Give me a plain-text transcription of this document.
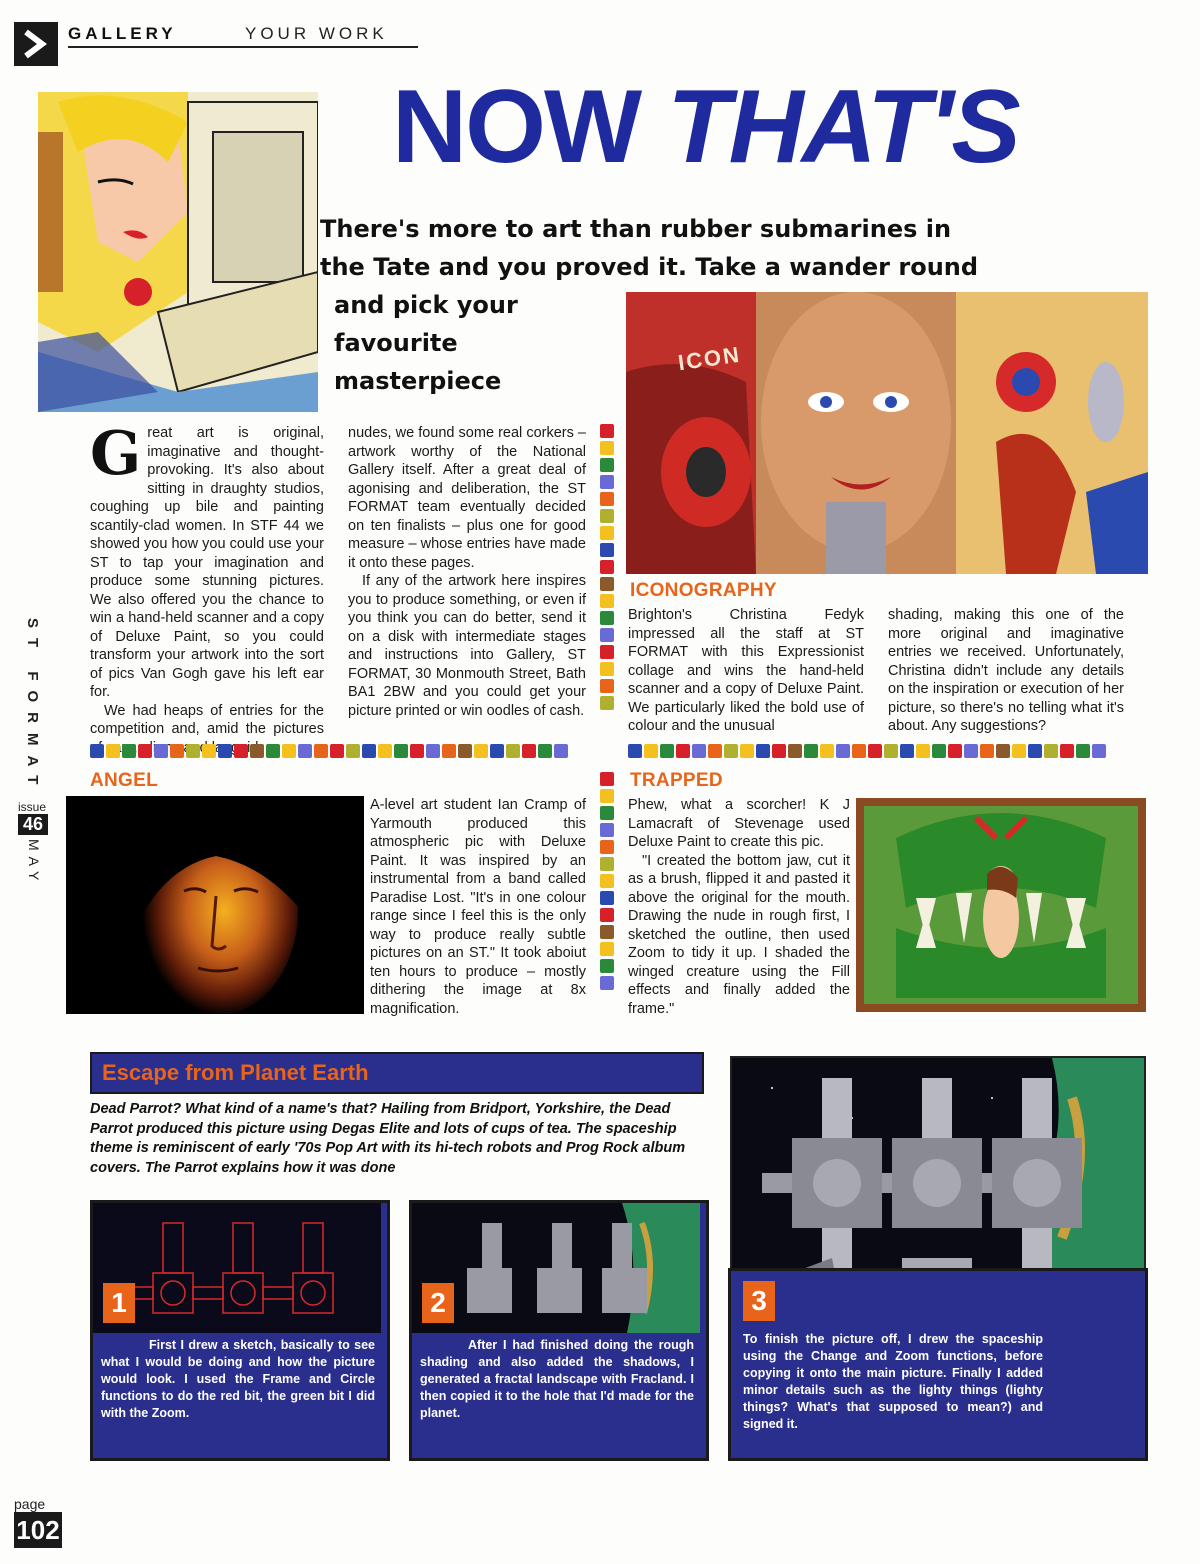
GALLERY	YOUR WORK
NOW THAT'S
There's more to art than rubber submarines in
the Tate and you proved it. Take a wander round
and pick your
favourite
masterpiece
ICON

Great art is original, imaginative and thought-provoking. It's also about sitting in draughty studios, coughing up bile and painting scantily-clad women. In STF 44 we showed you how you could use your ST to tap your imagination and produce some stunning pictures. We also offered you the chance to win a hand-held scanner and a copy of Deluxe Paint, so you could transform your artwork into the sort of pics Van Gogh gave his left ear for.

We had heaps of entries for the competition and, amid the pictures

nudes, we found some real corkers – artwork worthy of the National Gallery itself. After a great deal of agonising and deliberation, the ST FORMAT team eventually decided on ten finalists – plus one for good measure – whose entries have made it onto these pages.

If any of the artwork here inspires you to produce something, or even if you think you can do better, send it on a disk with intermediate stages and instructions into Gallery, ST FORMAT, 30 Monmouth Street, Bath BA1 2BW and you could get your picture printed or win oodles of cash.

ICONOGRAPHY
Brighton's Christina Fedyk impressed all the staff at ST FORMAT with this Expressionist collage and wins the hand-held scanner and a copy of Deluxe Paint. We particularly liked the bold use of colour and the unusual
shading, making this one of the more original and imaginative entries we received. Unfortunately, Christina didn't include any details on the inspiration or execution of her picture, so there's no telling what it's about. Any suggestions?
ST FORMAT
issue
46
MAY
ANGEL
A-level art student Ian Cramp of Yarmouth produced this atmospheric pic with Deluxe Paint. It was inspired by an instrumental from a band called Paradise Lost. "It's in one colour range since I feel this is the only way to produce really subtle pictures on an ST." It took aboiut ten hours to produce – mostly dithering the image at 8x magnification.
TRAPPED

Phew, what a scorcher! K J Lamacraft of Stevenage used Deluxe Paint to create this pic.

"I created the bottom jaw, cut it as a brush, flipped it and pasted it above the original for the mouth. Drawing the nude in rough first, I sketched the outline, then used Zoom to tidy it up. I shaded the winged creature using the Fill effects and finally added the frame."

Escape from Planet Earth
Dead Parrot? What kind of a name's that? Hailing from Bridport, Yorkshire, the Dead Parrot produced this picture using Degas Elite and lots of cups of tea. The spaceship theme is reminiscent of early '70s Pop Art with its hi-tech robots and Prog Rock album covers. The Parrot explains how it was done
1
First I drew a sketch, basically to see what I would be doing and how the picture would look. I used the Frame and Circle functions to do the red bit, the green bit I did with the Zoom.
2
After I had finished doing the rough shading and also added the shadows, I generated a fractal landscape with Fracland. I then copied it to the hole that I'd made for the planet.
3
To finish the picture off, I drew the spaceship using the Change and Zoom functions, before copying it onto the main picture. Finally I added minor details such as the lighty things (lighty things? What's that supposed to mean?) and signed it.
page
102
